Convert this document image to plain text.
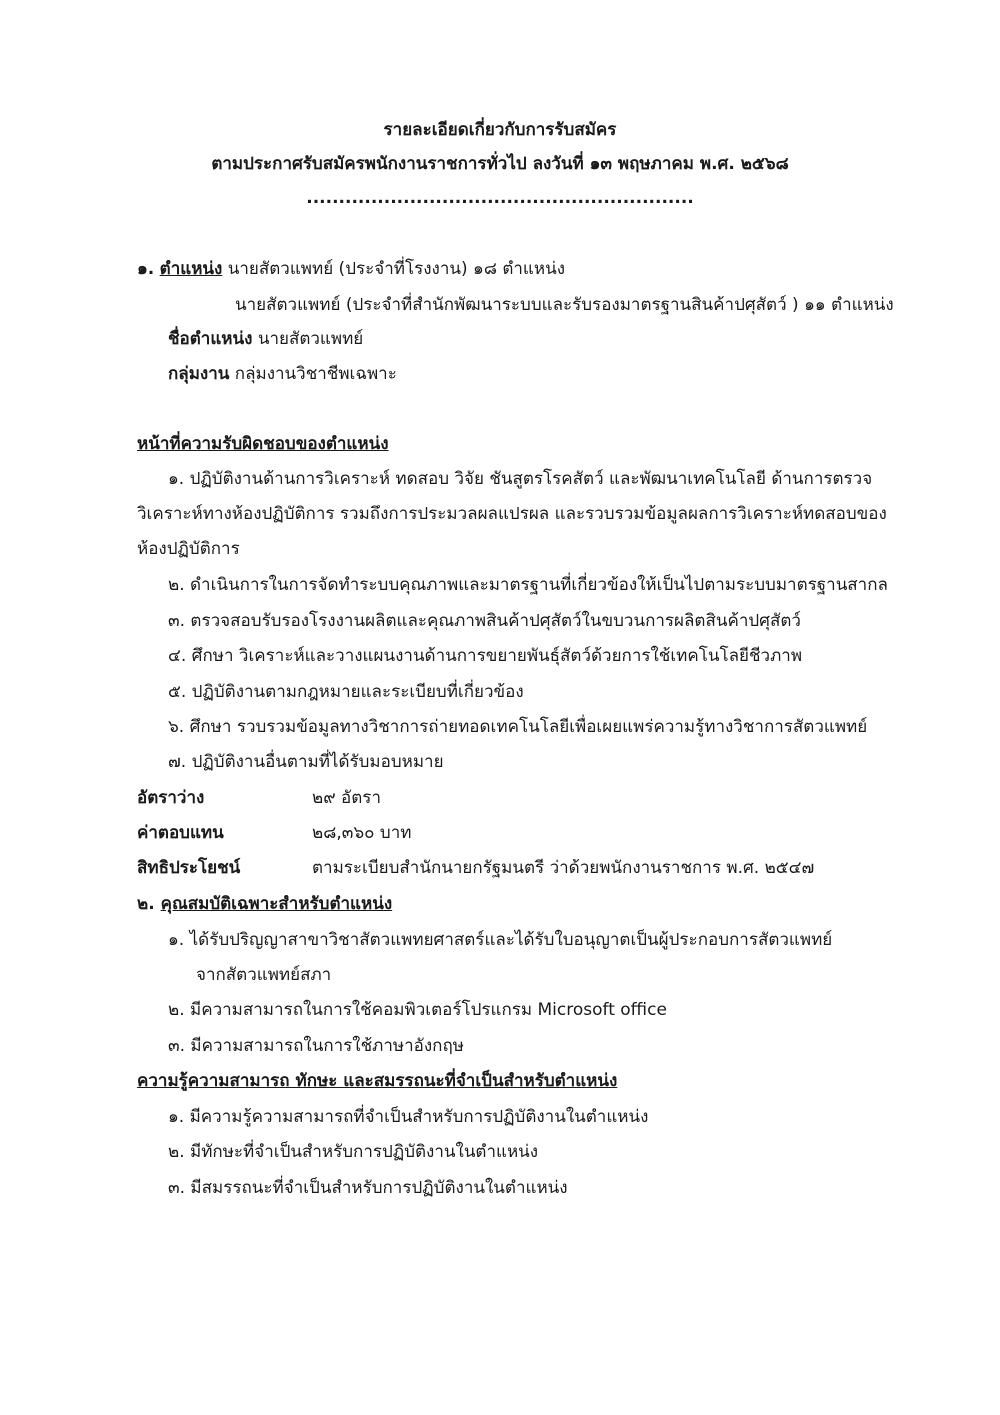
รายละเอียดเกี่ยวกับการรับสมัคร
ตามประกาศรับสมัครพนักงานราชการทั่วไป ลงวันที่ ๑๓ พฤษภาคม พ.ศ. ๒๕๖๘
............................................................
๑. ตำแหน่ง นายสัตวแพทย์ (ประจำที่โรงงาน) ๑๘ ตำแหน่ง
นายสัตวแพทย์ (ประจำที่สำนักพัฒนาระบบและรับรองมาตรฐานสินค้าปศุสัตว์ ) ๑๑ ตำแหน่ง
ชื่อตำแหน่ง นายสัตวแพทย์
กลุ่มงาน กลุ่มงานวิชาชีพเฉพาะ
หน้าที่ความรับผิดชอบของตำแหน่ง
๑. ปฏิบัติงานด้านการวิเคราะห์ ทดสอบ วิจัย ชันสูตรโรคสัตว์ และพัฒนาเทคโนโลยี ด้านการตรวจ
วิเคราะห์ทางห้องปฏิบัติการ รวมถึงการประมวลผลแปรผล และรวบรวมข้อมูลผลการวิเคราะห์ทดสอบของ
ห้องปฏิบัติการ
๒. ดำเนินการในการจัดทำระบบคุณภาพและมาตรฐานที่เกี่ยวข้องให้เป็นไปตามระบบมาตรฐานสากล
๓. ตรวจสอบรับรองโรงงานผลิตและคุณภาพสินค้าปศุสัตว์ในขบวนการผลิตสินค้าปศุสัตว์
๔. ศึกษา วิเคราะห์และวางแผนงานด้านการขยายพันธุ์สัตว์ด้วยการใช้เทคโนโลยีชีวภาพ
๕. ปฏิบัติงานตามกฎหมายและระเบียบที่เกี่ยวข้อง
๖. ศึกษา รวบรวมข้อมูลทางวิชาการถ่ายทอดเทคโนโลยีเพื่อเผยแพร่ความรู้ทางวิชาการสัตวแพทย์
๗. ปฏิบัติงานอื่นตามที่ได้รับมอบหมาย
อัตราว่าง	๒๙ อัตรา
ค่าตอบแทน	๒๘,๓๖๐ บาท
สิทธิประโยชน์	ตามระเบียบสำนักนายกรัฐมนตรี ว่าด้วยพนักงานราชการ พ.ศ. ๒๕๔๗
๒. คุณสมบัติเฉพาะสำหรับตำแหน่ง
๑. ได้รับปริญญาสาขาวิชาสัตวแพทยศาสตร์และได้รับใบอนุญาตเป็นผู้ประกอบการสัตวแพทย์
จากสัตวแพทย์สภา
๒. มีความสามารถในการใช้คอมพิวเตอร์โปรแกรม Microsoft office
๓. มีความสามารถในการใช้ภาษาอังกฤษ
ความรู้ความสามารถ ทักษะ และสมรรถนะที่จำเป็นสำหรับตำแหน่ง
๑. มีความรู้ความสามารถที่จำเป็นสำหรับการปฏิบัติงานในตำแหน่ง
๒. มีทักษะที่จำเป็นสำหรับการปฏิบัติงานในตำแหน่ง
๓. มีสมรรถนะที่จำเป็นสำหรับการปฏิบัติงานในตำแหน่ง
